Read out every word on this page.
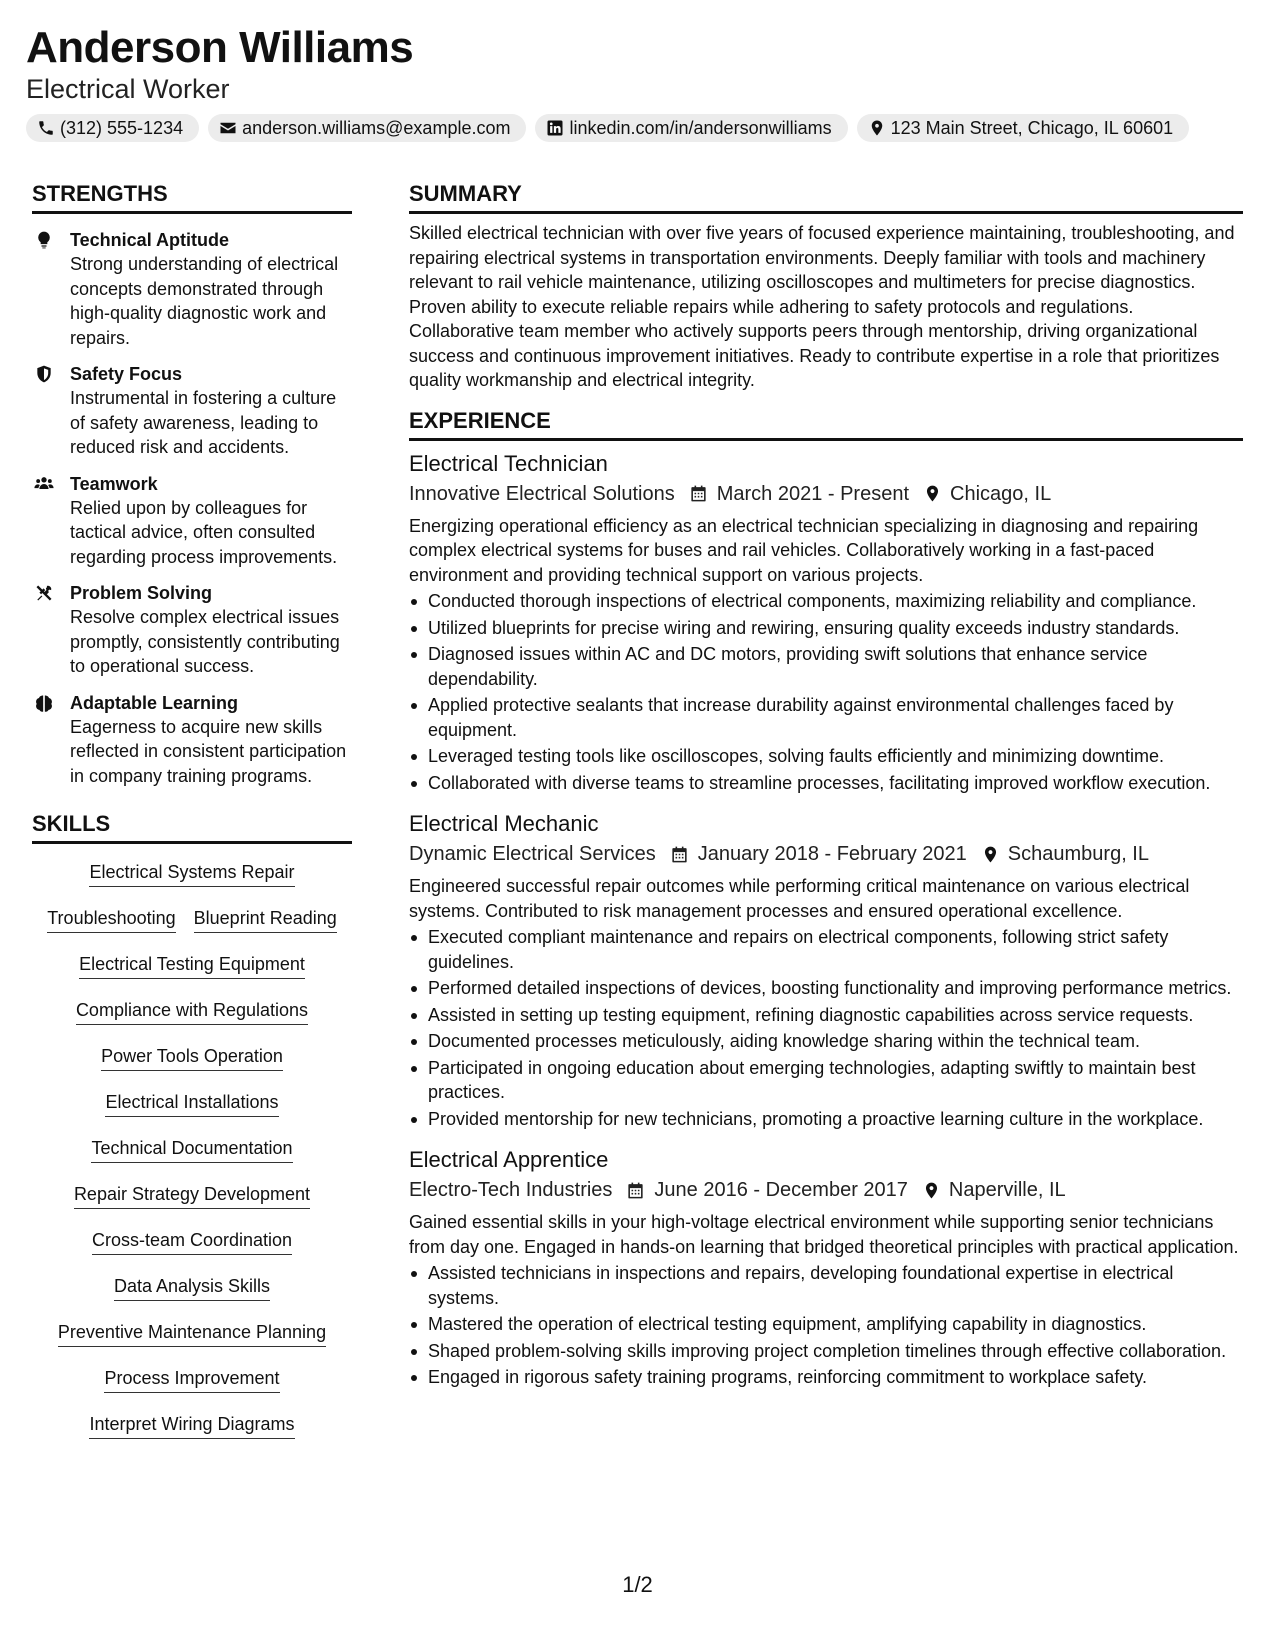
Anderson Williams
Electrical Worker
(312) 555-1234	anderson.williams@example.com	linkedin.com/in/andersonwilliams	123 Main Street, Chicago, IL 60601
STRENGTHS
Technical Aptitude
Strong understanding of electrical concepts demonstrated through high-quality diagnostic work and repairs.
Safety Focus
Instrumental in fostering a culture of safety awareness, leading to reduced risk and accidents.
Teamwork
Relied upon by colleagues for tactical advice, often consulted regarding process improvements.
Problem Solving
Resolve complex electrical issues promptly, consistently contributing to operational success.
Adaptable Learning
Eagerness to acquire new skills reflected in consistent participation in company training programs.
SKILLS
Electrical Systems Repair
Troubleshooting Blueprint Reading
Electrical Testing Equipment
Compliance with Regulations
Power Tools Operation
Electrical Installations
Technical Documentation
Repair Strategy Development
Cross-team Coordination
Data Analysis Skills
Preventive Maintenance Planning
Process Improvement
Interpret Wiring Diagrams
SUMMARY

Skilled electrical technician with over five years of focused experience maintaining, troubleshooting, and repairing electrical systems in transportation environments. Deeply familiar with tools and machinery relevant to rail vehicle maintenance, utilizing oscilloscopes and multimeters for precise diagnostics. Proven ability to execute reliable repairs while adhering to safety protocols and regulations. Collaborative team member who actively supports peers through mentorship, driving organizational success and continuous improvement initiatives. Ready to contribute expertise in a role that prioritizes quality workmanship and electrical integrity.

EXPERIENCE
Electrical Technician
Innovative Electrical Solutions March 2021 - Present Chicago, IL

Energizing operational efficiency as an electrical technician specializing in diagnosing and repairing complex electrical systems for buses and rail vehicles. Collaboratively working in a fast-paced environment and providing technical support on various projects.

Conducted thorough inspections of electrical components, maximizing reliability and compliance.
Utilized blueprints for precise wiring and rewiring, ensuring quality exceeds industry standards.
Diagnosed issues within AC and DC motors, providing swift solutions that enhance service dependability.
Applied protective sealants that increase durability against environmental challenges faced by equipment.
Leveraged testing tools like oscilloscopes, solving faults efficiently and minimizing downtime.
Collaborated with diverse teams to streamline processes, facilitating improved workflow execution.
Electrical Mechanic
Dynamic Electrical Services January 2018 - February 2021 Schaumburg, IL

Engineered successful repair outcomes while performing critical maintenance on various electrical systems. Contributed to risk management processes and ensured operational excellence.

Executed compliant maintenance and repairs on electrical components, following strict safety guidelines.
Performed detailed inspections of devices, boosting functionality and improving performance metrics.
Assisted in setting up testing equipment, refining diagnostic capabilities across service requests.
Documented processes meticulously, aiding knowledge sharing within the technical team.
Participated in ongoing education about emerging technologies, adapting swiftly to maintain best practices.
Provided mentorship for new technicians, promoting a proactive learning culture in the workplace.
Electrical Apprentice
Electro-Tech Industries June 2016 - December 2017 Naperville, IL

Gained essential skills in your high-voltage electrical environment while supporting senior technicians from day one. Engaged in hands-on learning that bridged theoretical principles with practical application.

Assisted technicians in inspections and repairs, developing foundational expertise in electrical systems.
Mastered the operation of electrical testing equipment, amplifying capability in diagnostics.
Shaped problem-solving skills improving project completion timelines through effective collaboration.
Engaged in rigorous safety training programs, reinforcing commitment to workplace safety.
1/2
